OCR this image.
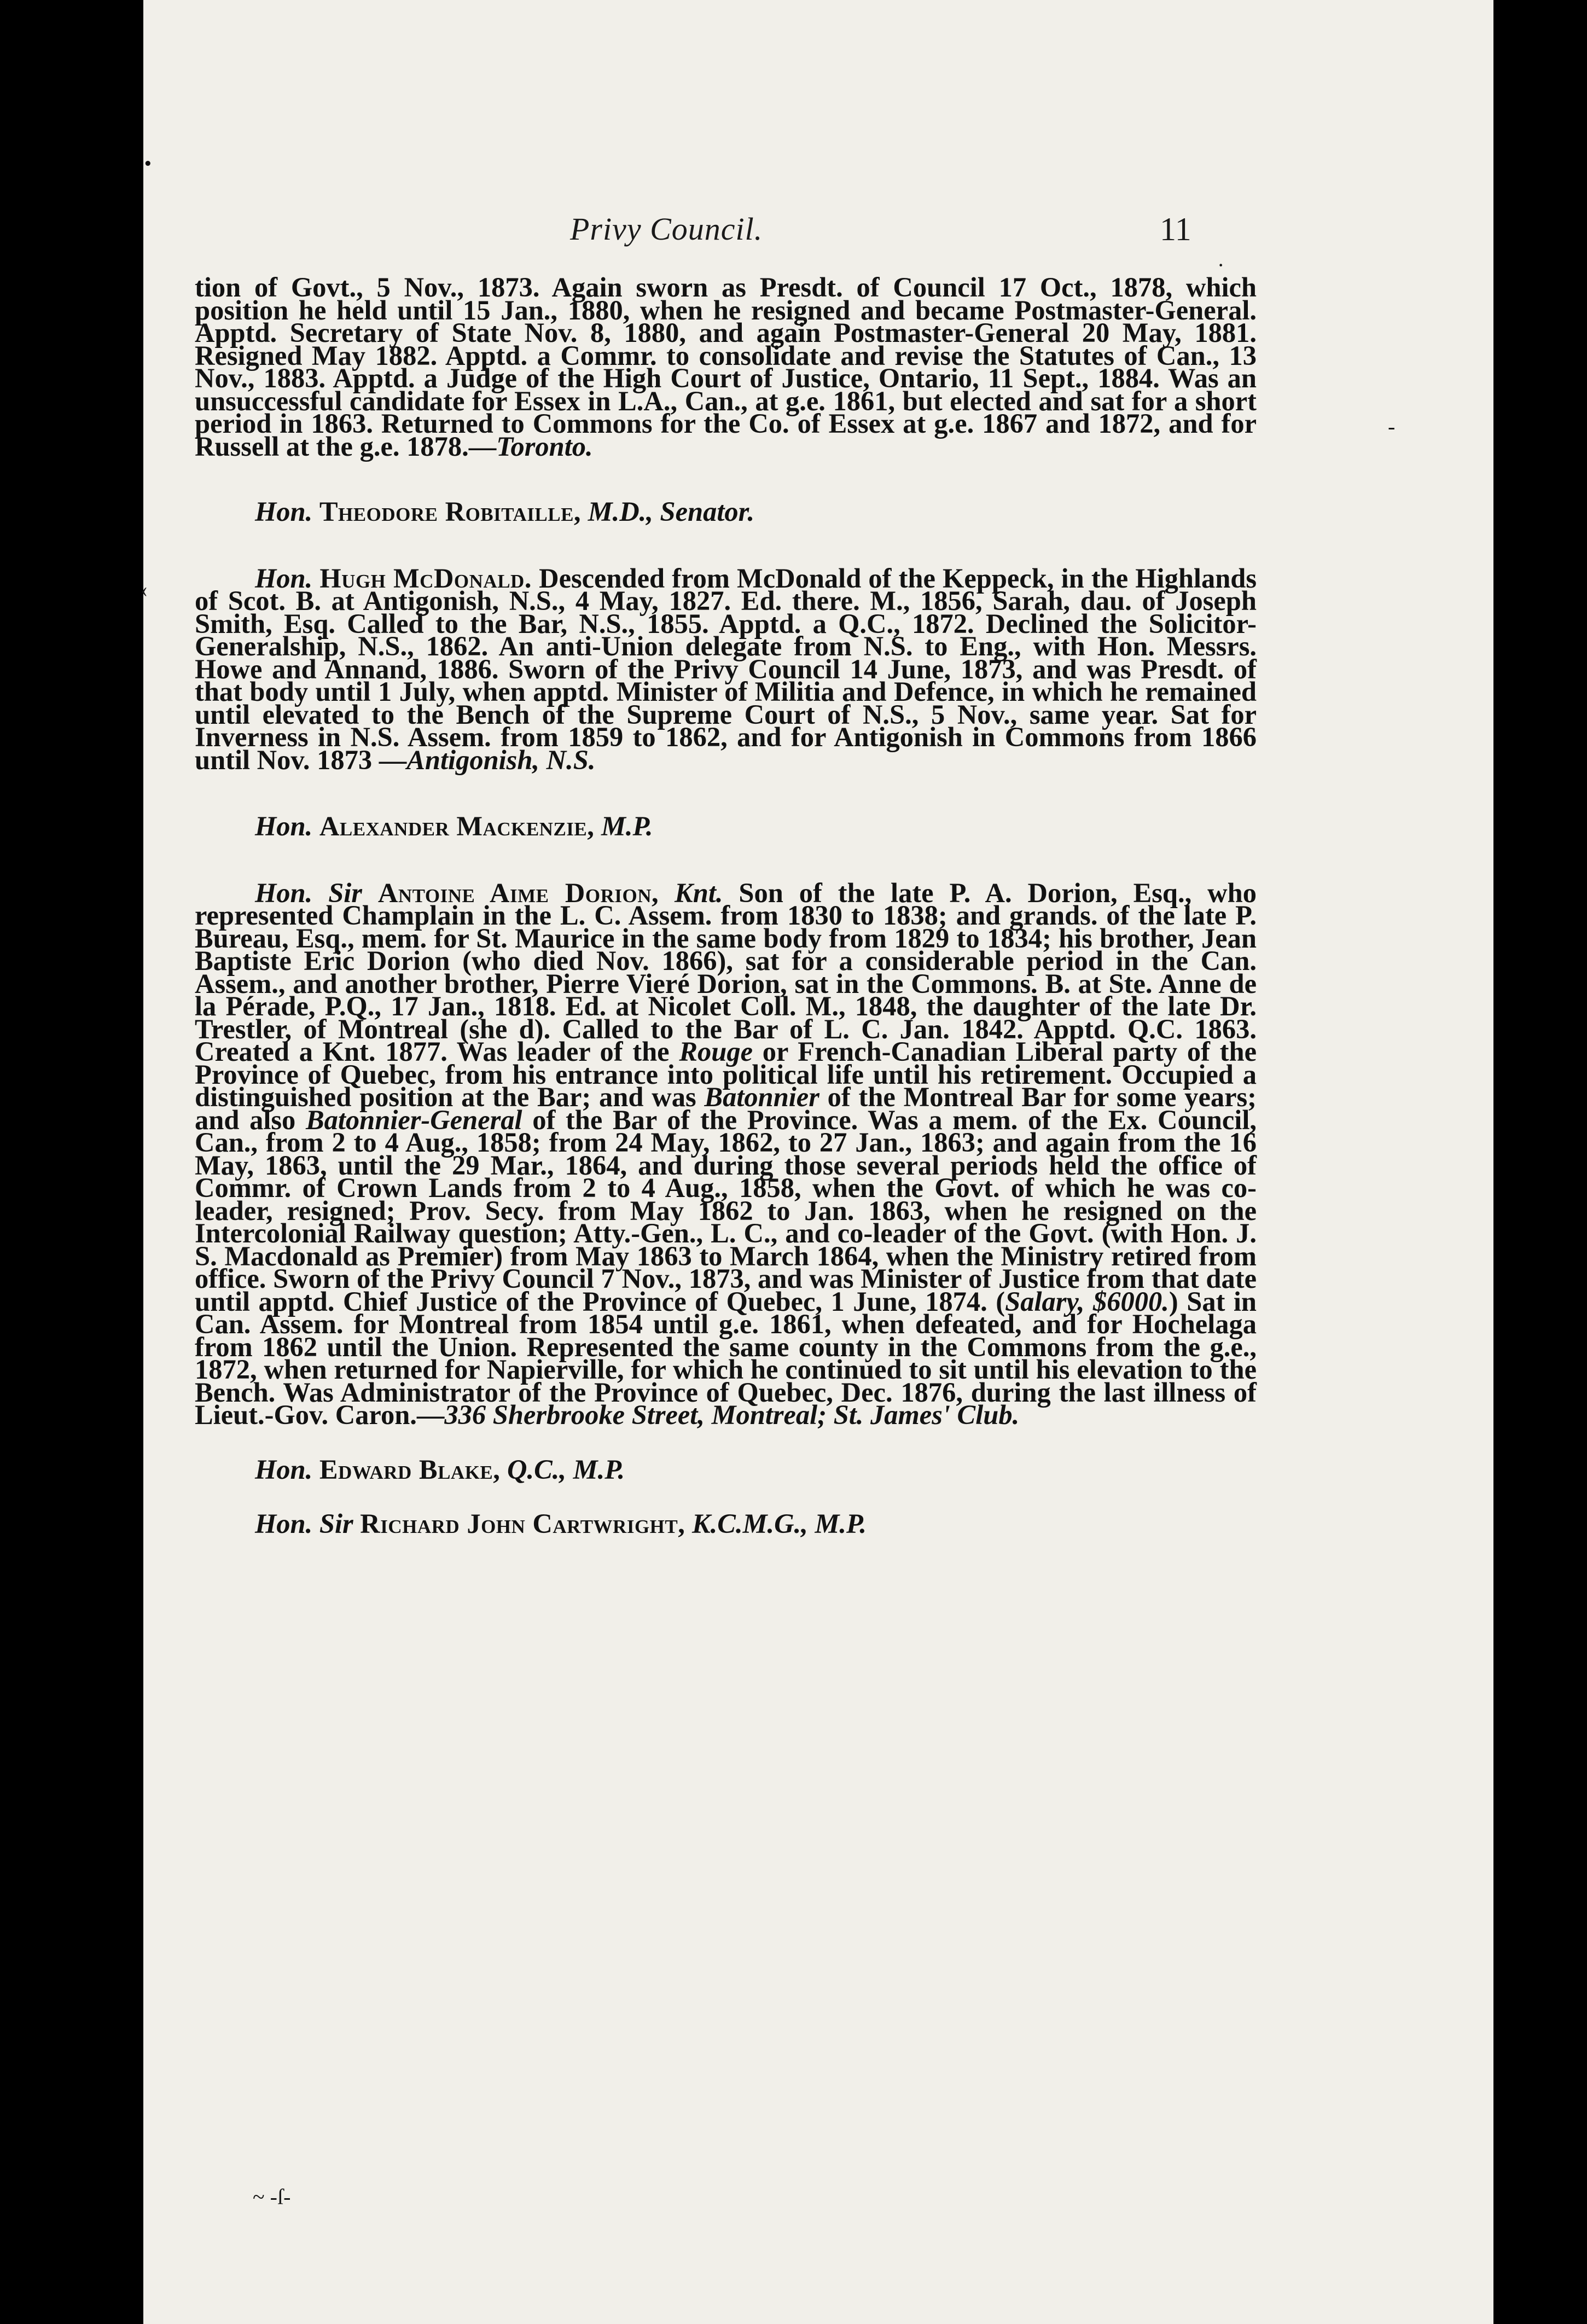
·
-
‹
~ -ſ-
•
Privy Council.	11

tion of Govt., 5 Nov., 1873. Again sworn as Presdt. of Council 17 Oct., 1878, which position he held until 15 Jan., 1880, when he resigned and became Postmaster-General. Apptd. Secretary of State Nov. 8, 1880, and again Postmaster-General 20 May, 1881. Resigned May 1882. Apptd. a Commr. to consolidate and revise the Statutes of Can., 13 Nov., 1883. Apptd. a Judge of the High Court of Justice, Ontario, 11 Sept., 1884. Was an unsuccessful candidate for Essex in L.A., Can., at g.e. 1861, but elected and sat for a short period in 1863. Returned to Commons for the Co. of Essex at g.e. 1867 and 1872, and for Russell at the g.e. 1878.—Toronto.

Hon. Theodore Robitaille, M.D., Senator.

Hon. Hugh McDonald. Descended from McDonald of the Keppeck, in the Highlands of Scot. B. at Antigonish, N.S., 4 May, 1827. Ed. there. M., 1856, Sarah, dau. of Joseph Smith, Esq. Called to the Bar, N.S., 1855. Apptd. a Q.C., 1872. Declined the Solicitor-Generalship, N.S., 1862. An anti-Union delegate from N.S. to Eng., with Hon. Messrs. Howe and Annand, 1886. Sworn of the Privy Council 14 June, 1873, and was Presdt. of that body until 1 July, when apptd. Minister of Militia and Defence, in which he remained until elevated to the Bench of the Supreme Court of N.S., 5 Nov., same year. Sat for Inverness in N.S. Assem. from 1859 to 1862, and for Antigonish in Commons from 1866 until Nov. 1873 —Antigonish, N.S.

Hon. Alexander Mackenzie, M.P.

Hon. Sir Antoine Aime Dorion, Knt. Son of the late P. A. Dorion, Esq., who represented Champlain in the L. C. Assem. from 1830 to 1838; and grands. of the late P. Bureau, Esq., mem. for St. Maurice in the same body from 1829 to 1834; his brother, Jean Baptiste Eric Dorion (who died Nov. 1866), sat for a considerable period in the Can. Assem., and another brother, Pierre Vieré Dorion, sat in the Commons. B. at Ste. Anne de la Pérade, P.Q., 17 Jan., 1818. Ed. at Nicolet Coll. M., 1848, the daughter of the late Dr. Trestler, of Montreal (she d). Called to the Bar of L. C. Jan. 1842. Apptd. Q.C. 1863. Created a Knt. 1877. Was leader of the Rouge or French-Canadian Liberal party of the Province of Quebec, from his entrance into political life until his retirement. Occupied a distinguished position at the Bar; and was Batonnier of the Montreal Bar for some years; and also Batonnier-General of the Bar of the Province. Was a mem. of the Ex. Council, Can., from 2 to 4 Aug., 1858; from 24 May, 1862, to 27 Jan., 1863; and again from the 16 May, 1863, until the 29 Mar., 1864, and during those several periods held the office of Commr. of Crown Lands from 2 to 4 Aug., 1858, when the Govt. of which he was co-leader, resigned; Prov. Secy. from May 1862 to Jan. 1863, when he resigned on the Intercolonial Railway question; Atty.-Gen., L. C., and co-leader of the Govt. (with Hon. J. S. Macdonald as Premier) from May 1863 to March 1864, when the Ministry retired from office. Sworn of the Privy Council 7 Nov., 1873, and was Minister of Justice from that date until apptd. Chief Justice of the Province of Quebec, 1 June, 1874. (Salary, $6000.) Sat in Can. Assem. for Montreal from 1854 until g.e. 1861, when defeated, and for Hochelaga from 1862 until the Union. Represented the same county in the Commons from the g.e., 1872, when returned for Napierville, for which he continued to sit until his elevation to the Bench. Was Administrator of the Province of Quebec, Dec. 1876, during the last illness of Lieut.-Gov. Caron.—336 Sherbrooke Street, Montreal; St. James' Club.

Hon. Edward Blake, Q.C., M.P.

Hon. Sir Richard John Cartwright, K.C.M.G., M.P.
